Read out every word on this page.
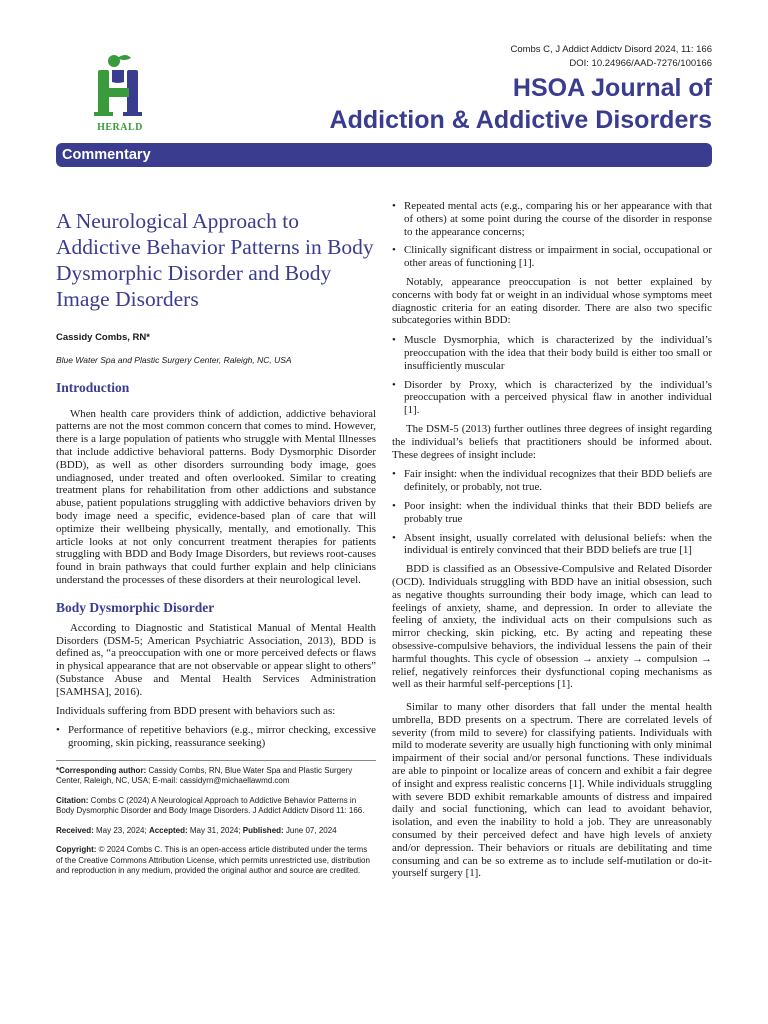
Combs C, J Addict Addictv Disord 2024, 11: 166
DOI: 10.24966/AAD-7276/100166
HERALD
HSOA Journal of
Addiction & Addictive Disorders
Commentary
A Neurological Approach to Addictive Behavior Patterns in Body Dysmorphic Disorder and Body Image Disorders
Cassidy Combs, RN*
Blue Water Spa and Plastic Surgery Center, Raleigh, NC, USA
Introduction

When health care providers think of addiction, addictive behavioral patterns are not the most common concern that comes to mind. However, there is a large population of patients who struggle with Mental Illnesses that include addictive behavioral patterns. Body Dysmorphic Disorder (BDD), as well as other disorders surrounding body image, goes undiagnosed, under treated and often overlooked. Similar to creating treatment plans for rehabilitation from other addictions and substance abuse, patient populations struggling with addictive behaviors driven by body image need a specific, evidence-based plan of care that will optimize their wellbeing physically, mentally, and emotionally. This article looks at not only concurrent treatment therapies for patients struggling with BDD and Body Image Disorders, but reviews root-causes found in brain pathways that could further explain and help clinicians understand the processes of these disorders at their neurological level.

Body Dysmorphic Disorder

According to Diagnostic and Statistical Manual of Mental Health Disorders (DSM-5; American Psychiatric Association, 2013), BDD is defined as, “a preoccupation with one or more perceived defects or flaws in physical appearance that are not observable or appear slight to others” (Substance Abuse and Mental Health Services Administration [SAMHSA], 2016).

Individuals suffering from BDD present with behaviors such as:

• Performance of repetitive behaviors (e.g., mirror checking, excessive grooming, skin picking, reassurance seeking)
*Corresponding author: Cassidy Combs, RN, Blue Water Spa and Plastic Surgery Center, Raleigh, NC, USA; E-mail: cassidyrn@michaellawmd.com
Citation: Combs C (2024) A Neurological Approach to Addictive Behavior Patterns in Body Dysmorphic Disorder and Body Image Disorders. J Addict Addictv Disord 11: 166.
Received: May 23, 2024; Accepted: May 31, 2024; Published: June 07, 2024
Copyright: © 2024 Combs C. This is an open-access article distributed under the terms of the Creative Commons Attribution License, which permits unrestricted use, distribution and reproduction in any medium, provided the original author and source are credited.
• Repeated mental acts (e.g., comparing his or her appearance with that of others) at some point during the course of the disorder in response to the appearance concerns;
• Clinically significant distress or impairment in social, occupational or other areas of functioning [1].

Notably, appearance preoccupation is not better explained by concerns with body fat or weight in an individual whose symptoms meet diagnostic criteria for an eating disorder. There are also two specific subcategories within BDD:

• Muscle Dysmorphia, which is characterized by the individual’s preoccupation with the idea that their body build is either too small or insufficiently muscular
• Disorder by Proxy, which is characterized by the individual’s preoccupation with a perceived physical flaw in another individual [1].

The DSM-5 (2013) further outlines three degrees of insight regarding the individual’s beliefs that practitioners should be informed about. These degrees of insight include:

• Fair insight: when the individual recognizes that their BDD beliefs are definitely, or probably, not true.
• Poor insight: when the individual thinks that their BDD beliefs are probably true
• Absent insight, usually correlated with delusional beliefs: when the individual is entirely convinced that their BDD beliefs are true [1]

BDD is classified as an Obsessive-Compulsive and Related Disorder (OCD). Individuals struggling with BDD have an initial obsession, such as negative thoughts surrounding their body image, which can lead to feelings of anxiety, shame, and depression. In order to alleviate the feeling of anxiety, the individual acts on their compulsions such as mirror checking, skin picking, etc. By acting and repeating these obsessive-compulsive behaviors, the individual lessens the pain of their harmful thoughts. This cycle of obsession → anxiety → compulsion → relief, negatively reinforces their dysfunctional coping mechanisms as well as their harmful self-perceptions [1].

Similar to many other disorders that fall under the mental health umbrella, BDD presents on a spectrum. There are correlated levels of severity (from mild to severe) for classifying patients. Individuals with mild to moderate severity are usually high functioning with only minimal impairment of their social and/or personal functions. These individuals are able to pinpoint or localize areas of concern and exhibit a fair degree of insight and express realistic concerns [1]. While individuals struggling with severe BDD exhibit remarkable amounts of distress and impaired daily and social functioning, which can lead to avoidant behavior, isolation, and even the inability to hold a job. They are unreasonably consumed by their perceived defect and have high levels of anxiety and/or depression. Their behaviors or rituals are debilitating and time consuming and can be so extreme as to include self-mutilation or do-it-yourself surgery [1].
